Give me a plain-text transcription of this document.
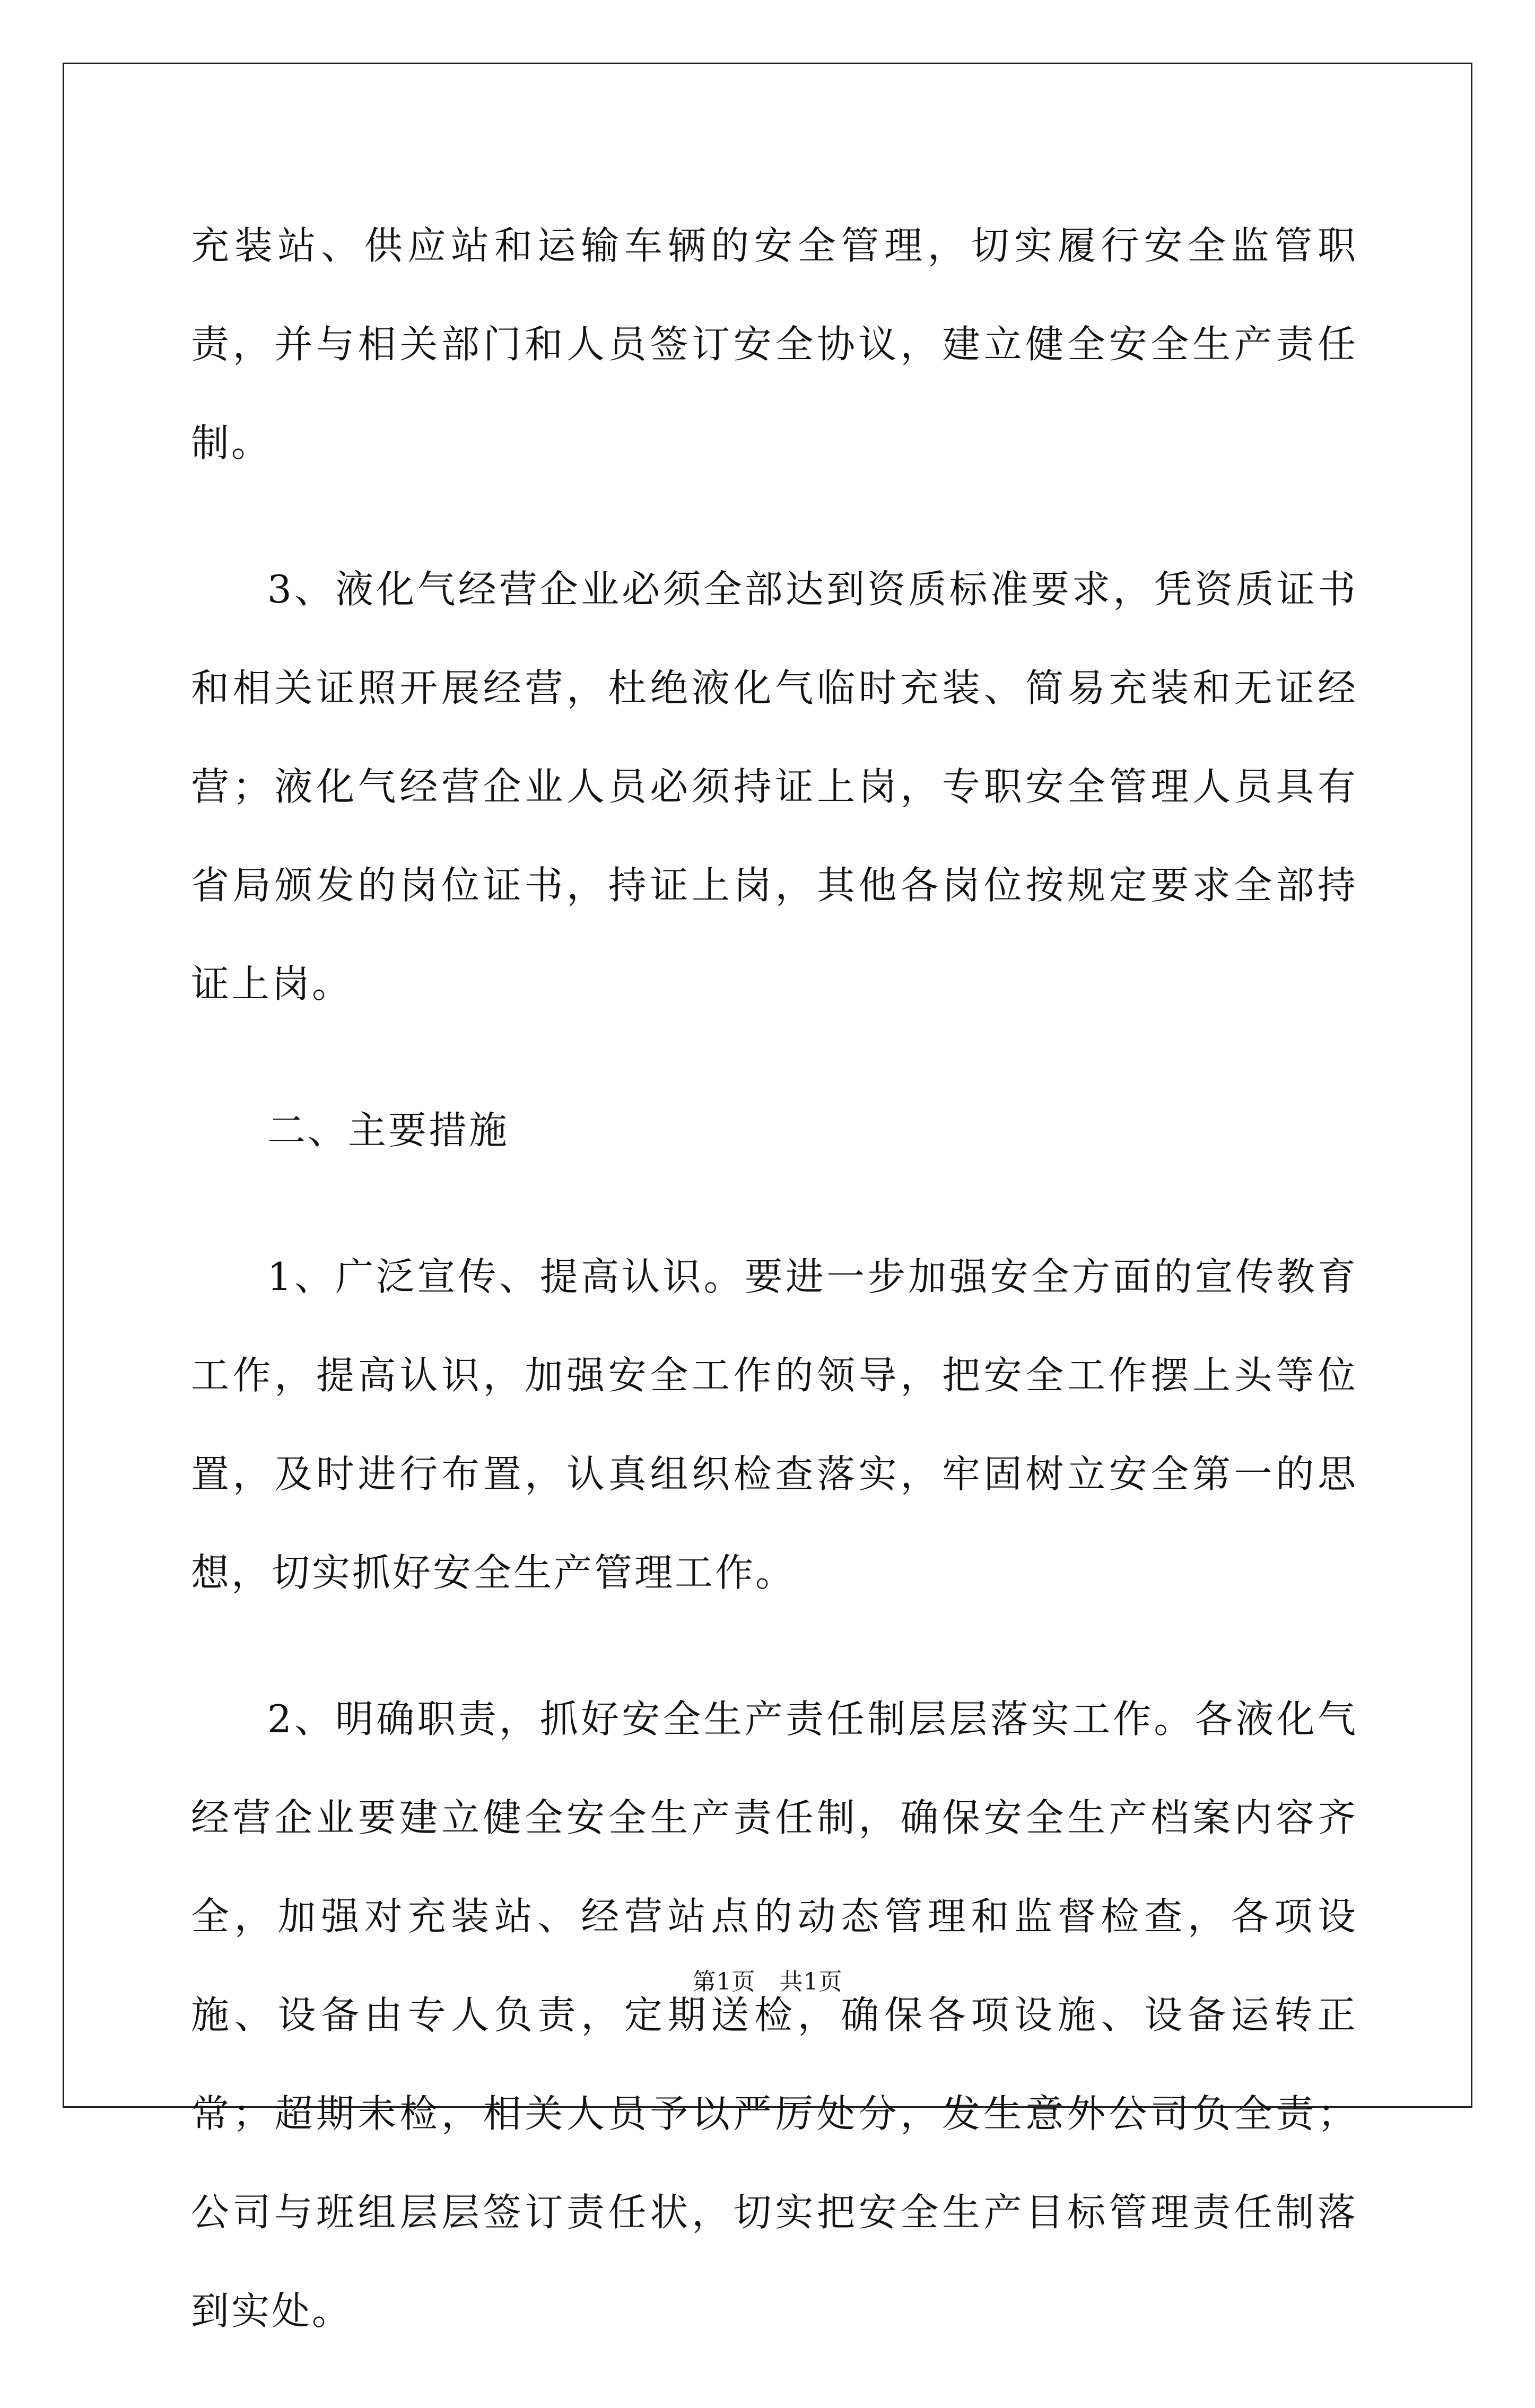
充装站、供应站和运输车辆的安全管理，切实履行安全监管职责，并与相关部门和人员签订安全协议，建立健全安全生产责任制。

3、液化气经营企业必须全部达到资质标准要求，凭资质证书和相关证照开展经营，杜绝液化气临时充装、简易充装和无证经营；液化气经营企业人员必须持证上岗，专职安全管理人员具有省局颁发的岗位证书，持证上岗，其他各岗位按规定要求全部持证上岗。

二、主要措施

1、广泛宣传、提高认识。要进一步加强安全方面的宣传教育工作，提高认识，加强安全工作的领导，把安全工作摆上头等位置，及时进行布置，认真组织检查落实，牢固树立安全第一的思想，切实抓好安全生产管理工作。

2、明确职责，抓好安全生产责任制层层落实工作。各液化气经营企业要建立健全安全生产责任制，确保安全生产档案内容齐全，加强对充装站、经营站点的动态管理和监督检查，各项设施、设备由专人负责，定期送检，确保各项设施、设备运转正常；超期未检，相关人员予以严厉处分，发生意外公司负全责；公司与班组层层签订责任状，切实把安全生产目标管理责任制落到实处。

第1页 共1页
